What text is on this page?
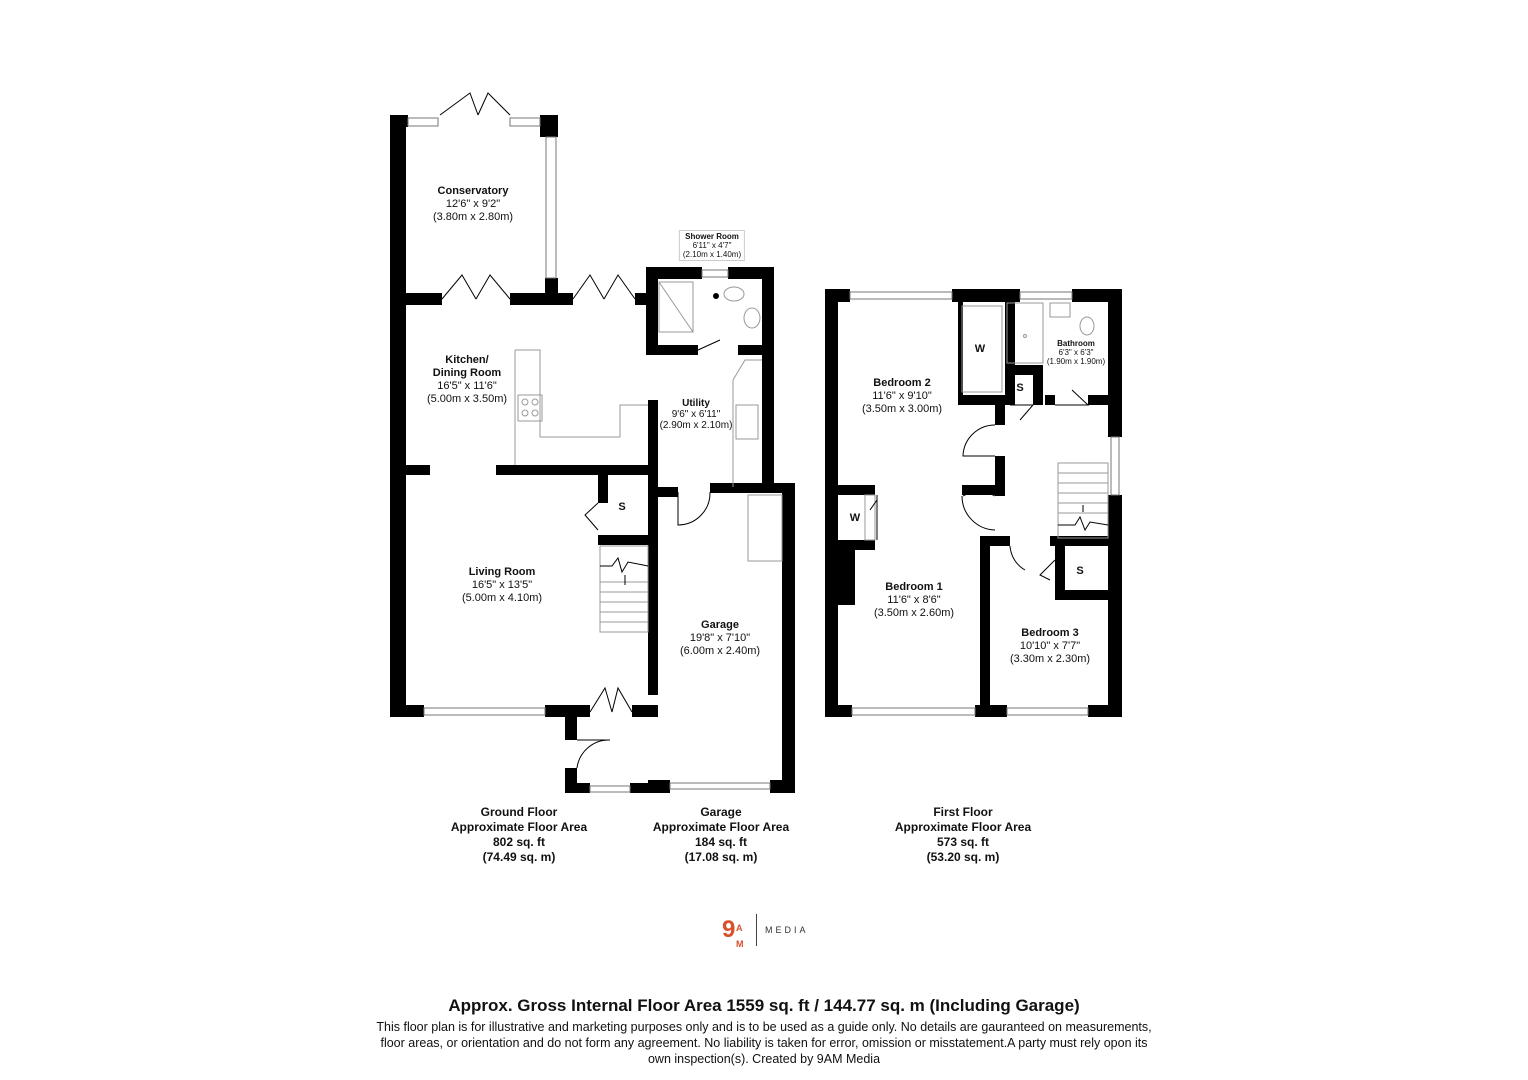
Conservatory
12'6" x 9'2"
(3.80m x 2.80m)
Shower Room
6'11" x 4'7"
(2.10m x 1.40m)
Kitchen/
Dining Room
16'5" x 11'6"
(5.00m x 3.50m)	Utility
9'6" x 6'11"
(2.90m x 2.10m)
Living Room
16'5" x 13'5"
(5.00m x 4.10m)
Garage
19'8" x 7'10"
(6.00m x 2.40m)
Bedroom 2
11'6" x 9'10"
(3.50m x 3.00m)
Bathroom
6'3" x 6'3"
(1.90m x 1.90m)
Bedroom 1
11'6" x 8'6"
(3.50m x 2.60m)
Bedroom 3
10'10" x 7'7"
(3.30m x 2.30m)
S
W
S
W
S
Ground Floor
Approximate Floor Area
802 sq. ft
(74.49 sq. m)
Garage
Approximate Floor Area
184 sq. ft
(17.08 sq. m)
First Floor
Approximate Floor Area
573 sq. ft
(53.20 sq. m)
9 A
M
MEDIA
Approx. Gross Internal Floor Area 1559 sq. ft / 144.77 sq. m (Including Garage)
This floor plan is for illustrative and marketing purposes only and is to be used as a guide only. No details are gauranteed on measurements, floor areas, or orientation and do not form any agreement. No liability is taken for error, omission or misstatement.A party must rely opon its own inspection(s). Created by 9AM Media
